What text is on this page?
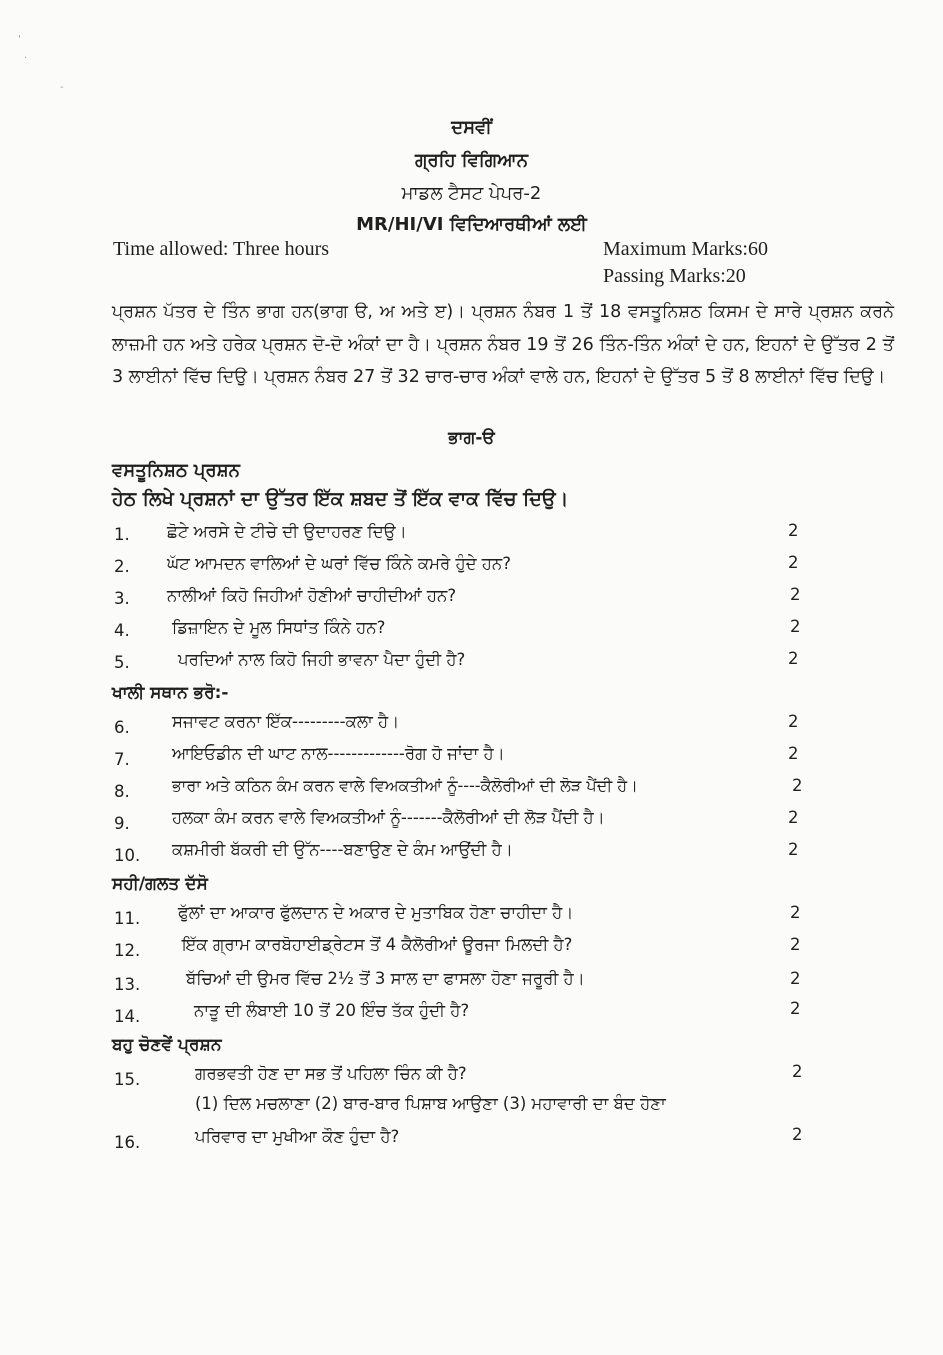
'
.
-
ਦਸਵੀਂ
ਗ੍ਰਹਿ ਵਿਗਿਆਨ
ਮਾਡਲ ਟੈਸਟ ਪੇਪਰ-2
MR/HI/VI ਵਿਦਿਆਰਥੀਆਂ ਲਈ
Time allowed: Three hours	Maximum Marks:60
Passing Marks:20
ਪ੍ਰਸ਼ਨ ਪੱਤਰ ਦੇ ਤਿੰਨ ਭਾਗ ਹਨ(ਭਾਗ ੳ, ਅ ਅਤੇ ੲ)। ਪ੍ਰਸ਼ਨ ਨੰਬਰ 1 ਤੋਂ 18 ਵਸਤੂਨਿਸ਼ਠ ਕਿਸਮ ਦੇ ਸਾਰੇ ਪ੍ਰਸ਼ਨ ਕਰਨੇ ਲਾਜ਼ਮੀ ਹਨ ਅਤੇ ਹਰੇਕ ਪ੍ਰਸ਼ਨ ਦੋ-ਦੋ ਅੰਕਾਂ ਦਾ ਹੈ। ਪ੍ਰਸ਼ਨ ਨੰਬਰ 19 ਤੋਂ 26 ਤਿੰਨ-ਤਿੰਨ ਅੰਕਾਂ ਦੇ ਹਨ, ਇਹਨਾਂ ਦੇ ਉੱਤਰ 2 ਤੋਂ 3 ਲਾਈਨਾਂ ਵਿੱਚ ਦਿਉ। ਪ੍ਰਸ਼ਨ ਨੰਬਰ 27 ਤੋਂ 32 ਚਾਰ-ਚਾਰ ਅੰਕਾਂ ਵਾਲੇ ਹਨ, ਇਹਨਾਂ ਦੇ ਉੱਤਰ 5 ਤੋਂ 8 ਲਾਈਨਾਂ ਵਿੱਚ ਦਿਉ।
ਭਾਗ-ੳ
ਵਸਤੂਨਿਸ਼ਠ ਪ੍ਰਸ਼ਨ
ਹੇਠ ਲਿਖੇ ਪ੍ਰਸ਼ਨਾਂ ਦਾ ਉੱਤਰ ਇੱਕ ਸ਼ਬਦ ਤੋਂ ਇੱਕ ਵਾਕ ਵਿੱਚ ਦਿਉ।
1. ਛੋਟੇ ਅਰਸੇ ਦੇ ਟੀਚੇ ਦੀ ਉਦਾਹਰਣ ਦਿਉ।	2
2. ਘੱਟ ਆਮਦਨ ਵਾਲਿਆਂ ਦੇ ਘਰਾਂ ਵਿੱਚ ਕਿੰਨੇ ਕਮਰੇ ਹੁੰਦੇ ਹਨ?	2
3. ਨਾਲੀਆਂ ਕਿਹੋ ਜਿਹੀਆਂ ਹੋਣੀਆਂ ਚਾਹੀਦੀਆਂ ਹਨ?	2
4.	ਡਿਜ਼ਾਇਨ ਦੇ ਮੂਲ ਸਿਧਾਂਤ ਕਿੰਨੇ ਹਨ?	2
5.	ਪਰਦਿਆਂ ਨਾਲ ਕਿਹੋ ਜਿਹੀ ਭਾਵਨਾ ਪੈਦਾ ਹੁੰਦੀ ਹੈ?	2
ਖਾਲੀ ਸਥਾਨ ਭਰੋ:-
6.	ਸਜਾਵਟ ਕਰਨਾ ਇੱਕ---------ਕਲਾ ਹੈ।	2
7.	ਆਇਓਡੀਨ ਦੀ ਘਾਟ ਨਾਲ-------------ਰੋਗ ਹੋ ਜਾਂਦਾ ਹੈ।	2
8.	ਭਾਰਾ ਅਤੇ ਕਠਿਨ ਕੰਮ ਕਰਨ ਵਾਲੇ ਵਿਅਕਤੀਆਂ ਨੂੰ----ਕੈਲੋਰੀਆਂ ਦੀ ਲੋੜ ਪੈਂਦੀ ਹੈ।	2
9.	ਹਲਕਾ ਕੰਮ ਕਰਨ ਵਾਲੇ ਵਿਅਕਤੀਆਂ ਨੂੰ-------ਕੈਲੋਰੀਆਂ ਦੀ ਲੋੜ ਪੈਂਦੀ ਹੈ।	2
10. ਕਸ਼ਮੀਰੀ ਬੱਕਰੀ ਦੀ ਉੱਨ----ਬਣਾਉਣ ਦੇ ਕੰਮ ਆਉਂਦੀ ਹੈ।	2
ਸਹੀ/ਗਲਤ ਦੱਸੋ
11. ਫੁੱਲਾਂ ਦਾ ਆਕਾਰ ਫੁੱਲਦਾਨ ਦੇ ਅਕਾਰ ਦੇ ਮੁਤਾਬਿਕ ਹੋਣਾ ਚਾਹੀਦਾ ਹੈ।	2
12.	ਇੱਕ ਗ੍ਰਾਮ ਕਾਰਬੋਹਾਈਡ੍ਰੇਟਸ ਤੋਂ 4 ਕੈਲੋਰੀਆਂ ਊਰਜਾ ਮਿਲਦੀ ਹੈ?	2
13.	ਬੱਚਿਆਂ ਦੀ ਉਮਰ ਵਿੱਚ 2½ ਤੋਂ 3 ਸਾਲ ਦਾ ਫਾਸਲਾ ਹੋਣਾ ਜਰੂਰੀ ਹੈ।	2
14.	ਨਾੜੂ ਦੀ ਲੰਬਾਈ 10 ਤੋਂ 20 ਇੰਚ ਤੱਕ ਹੁੰਦੀ ਹੈ?	2
ਬਹੁ ਚੋਣਵੇਂ ਪ੍ਰਸ਼ਨ
15.	ਗਰਭਵਤੀ ਹੋਣ ਦਾ ਸਭ ਤੋਂ ਪਹਿਲਾ ਚਿੰਨ ਕੀ ਹੈ?	2
(1) ਦਿਲ ਮਚਲਾਣਾ (2) ਬਾਰ-ਬਾਰ ਪਿਸ਼ਾਬ ਆਉਣਾ (3) ਮਹਾਵਾਰੀ ਦਾ ਬੰਦ ਹੋਣਾ
16.	ਪਰਿਵਾਰ ਦਾ ਮੁਖੀਆ ਕੌਣ ਹੁੰਦਾ ਹੈ?	2
